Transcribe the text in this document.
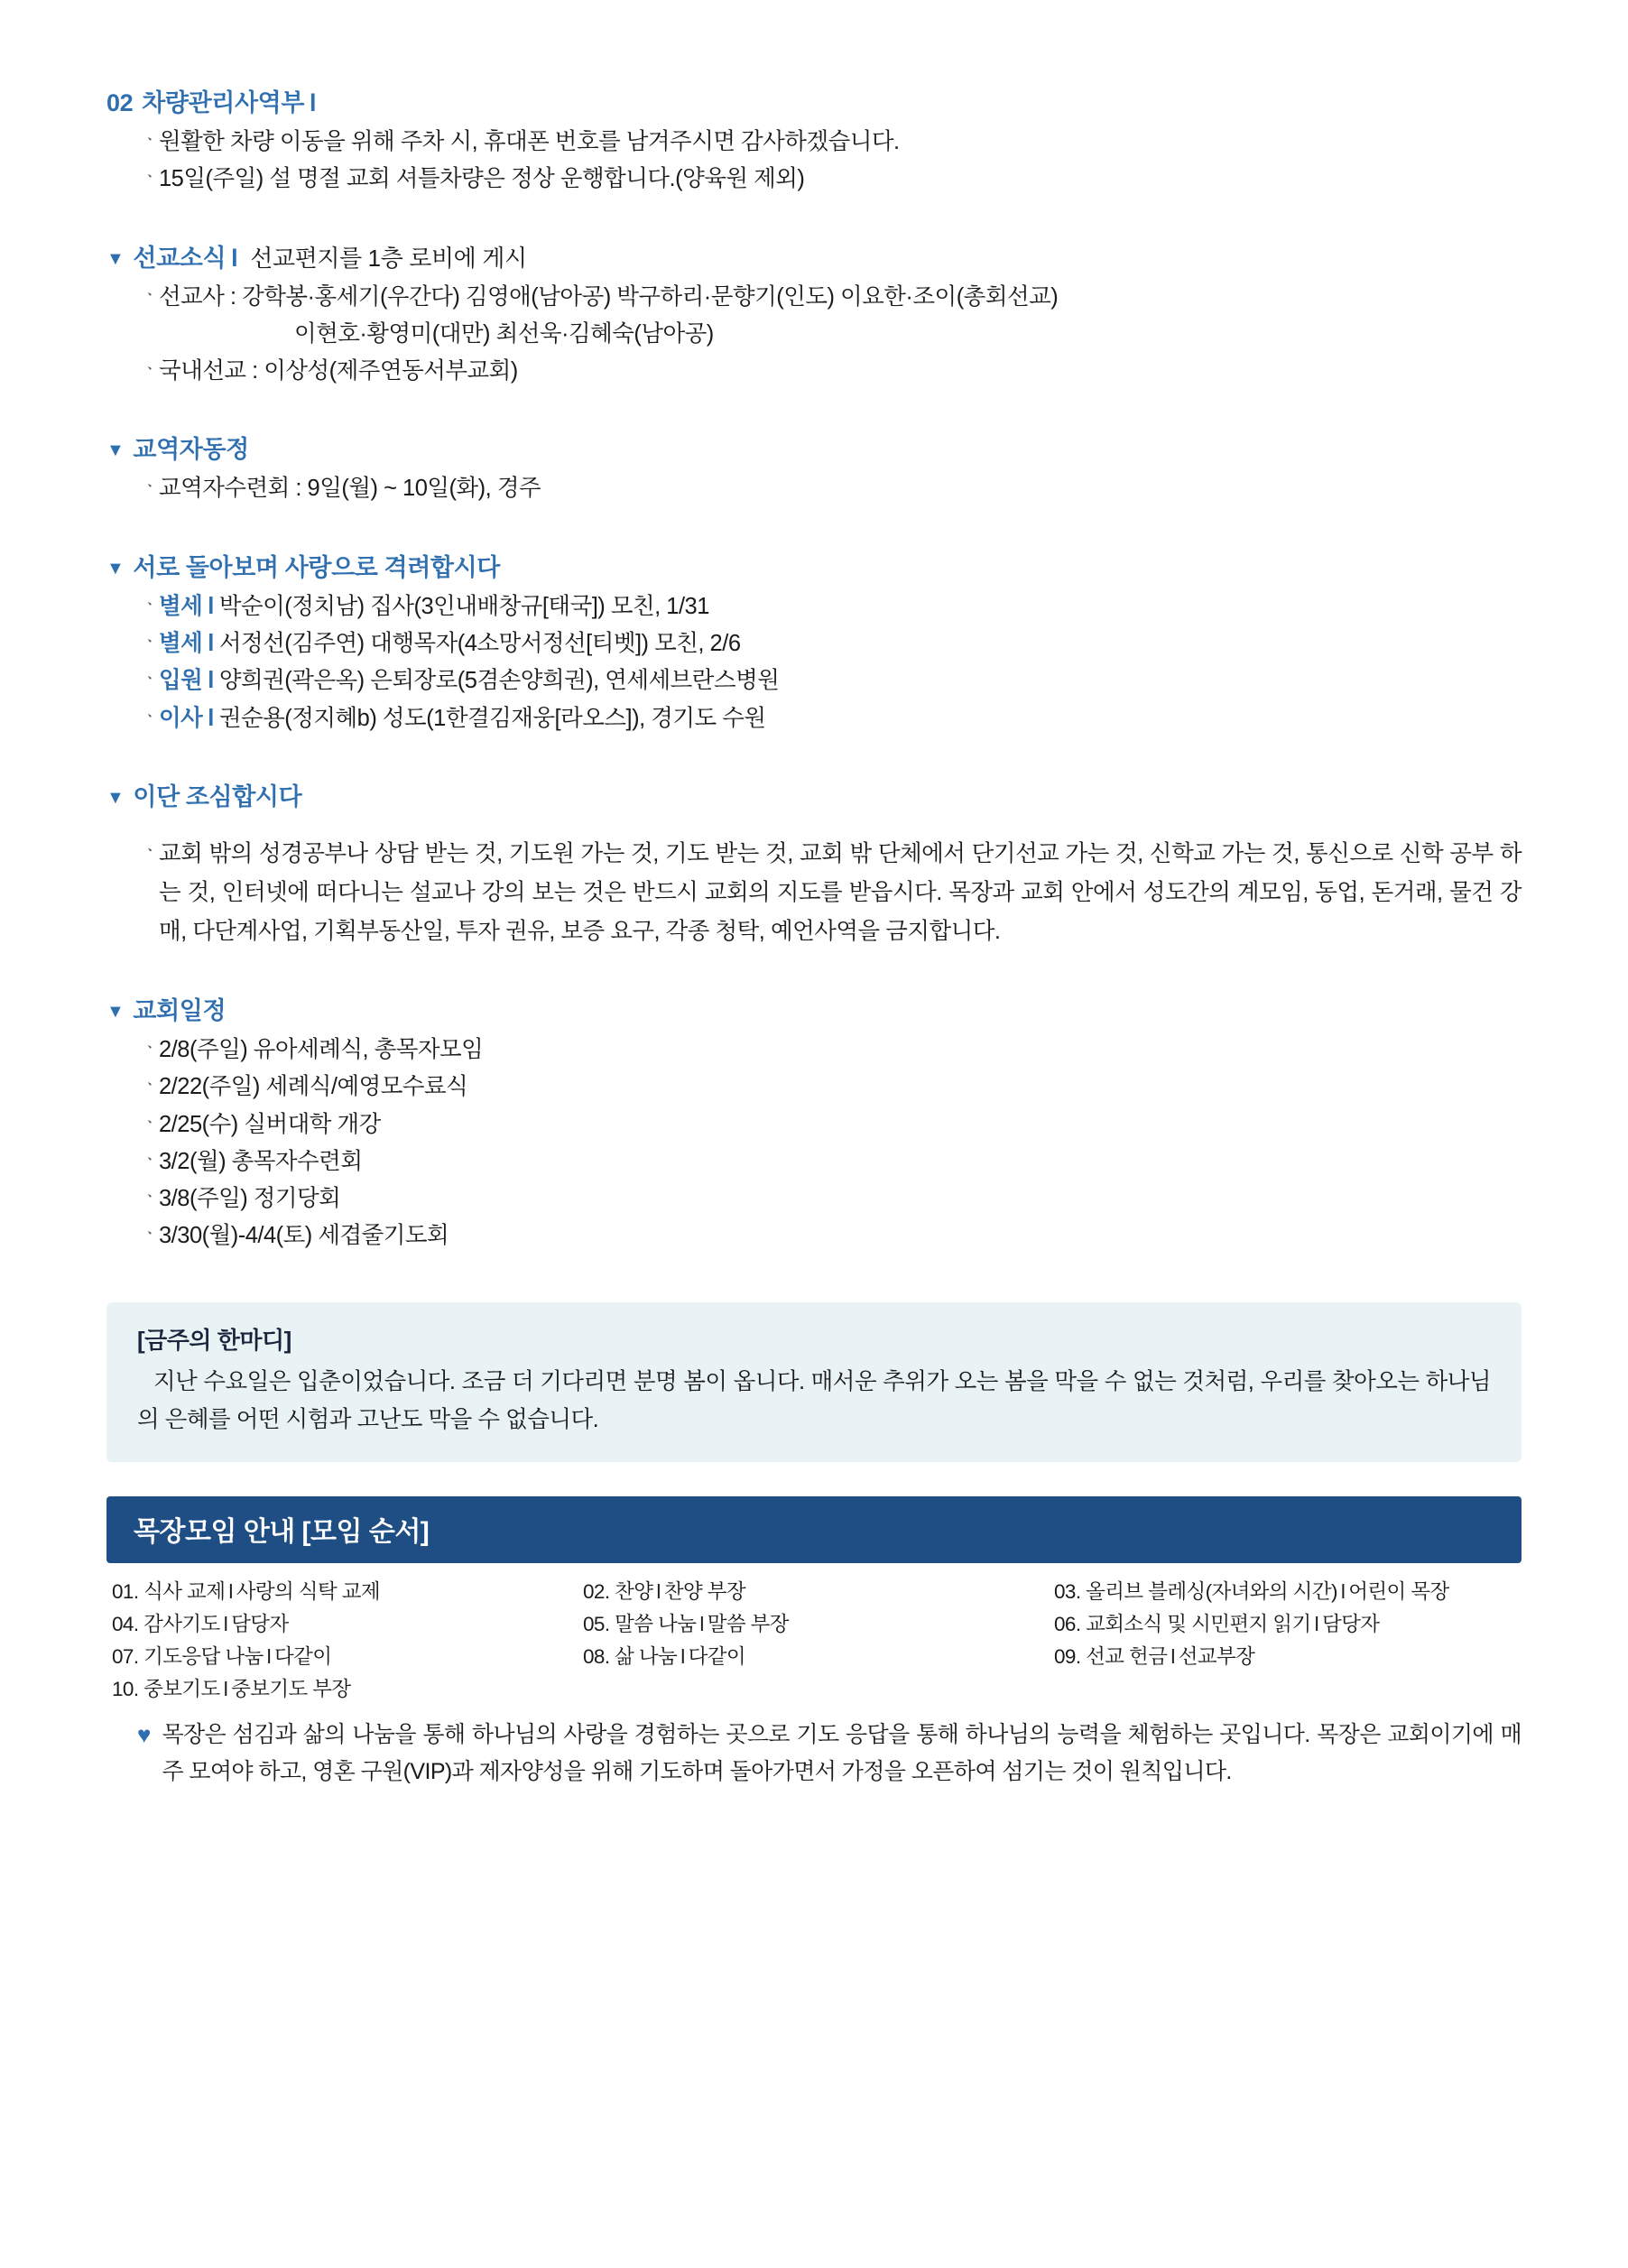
02 차량관리사역부 l
ᆞ 원활한 차량 이동을 위해 주차 시, 휴대폰 번호를 남겨주시면 감사하겠습니다.
ᆞ 15일(주일) 설 명절 교회 셔틀차량은 정상 운행합니다.(양육원 제외)
▼ 선교소식 l 선교편지를 1층 로비에 게시
ᆞ 선교사 : 강학봉·홍세기(우간다) 김영애(남아공) 박구하리·문향기(인도) 이요한·조이(총회선교)
이현호·황영미(대만) 최선욱·김혜숙(남아공)
ᆞ 국내선교 : 이상성(제주연동서부교회)
▼ 교역자동정
ᆞ 교역자수련회 : 9일(월) ~ 10일(화), 경주
▼ 서로 돌아보며 사랑으로 격려합시다
ᆞ 별세 l 박순이(정치남) 집사(3인내배창규[태국]) 모친, 1/31
ᆞ 별세 l 서정선(김주연) 대행목자(4소망서정선[티벳]) 모친, 2/6
ᆞ 입원 l 양희권(곽은옥) 은퇴장로(5겸손양희권), 연세세브란스병원
ᆞ 이사 l 권순용(정지혜b) 성도(1한결김재웅[라오스]), 경기도 수원
▼ 이단 조심합시다

ᆞ 교회 밖의 성경공부나 상담 받는 것, 기도원 가는 것, 기도 받는 것, 교회 밖 단체에서 단기선교 가는 것, 신학교 가는 것, 통신으로 신학 공부 하는 것, 인터넷에 떠다니는 설교나 강의 보는 것은 반드시 교회의 지도를 받읍시다. 목장과 교회 안에서 성도간의 계모임, 동업, 돈거래, 물건 강매, 다단계사업, 기획부동산일, 투자 권유, 보증 요구, 각종 청탁, 예언사역을 금지합니다.

▼ 교회일정
ᆞ 2/8(주일) 유아세례식, 총목자모임
ᆞ 2/22(주일) 세례식/예영모수료식
ᆞ 2/25(수) 실버대학 개강
ᆞ 3/2(월) 총목자수련회
ᆞ 3/8(주일) 정기당회
ᆞ 3/30(월)-4/4(토) 세겹줄기도회
[금주의 한마디]
지난 수요일은 입춘이었습니다. 조금 더 기다리면 분명 봄이 옵니다. 매서운 추위가 오는 봄을 막을 수 없는 것처럼, 우리를 찾아오는 하나님의 은혜를 어떤 시험과 고난도 막을 수 없습니다.
목장모임 안내 [모임 순서]
01. 식사 교제 l 사랑의 식탁 교제	02. 찬양 l 찬양 부장	03. 올리브 블레싱(자녀와의 시간) l 어린이 목장
04. 감사기도 l 담당자	05. 말씀 나눔 l 말씀 부장	06. 교회소식 및 시민편지 읽기 l 담당자
07. 기도응답 나눔 l 다같이	08. 삶 나눔 l 다같이	09. 선교 헌금 l 선교부장
10. 중보기도 l 중보기도 부장
♥ 목장은 섬김과 삶의 나눔을 통해 하나님의 사랑을 경험하는 곳으로 기도 응답을 통해 하나님의 능력을 체험하는 곳입니다. 목장은 교회이기에 매주 모여야 하고, 영혼 구원(VIP)과 제자양성을 위해 기도하며 돌아가면서 가정을 오픈하여 섬기는 것이 원칙입니다.
